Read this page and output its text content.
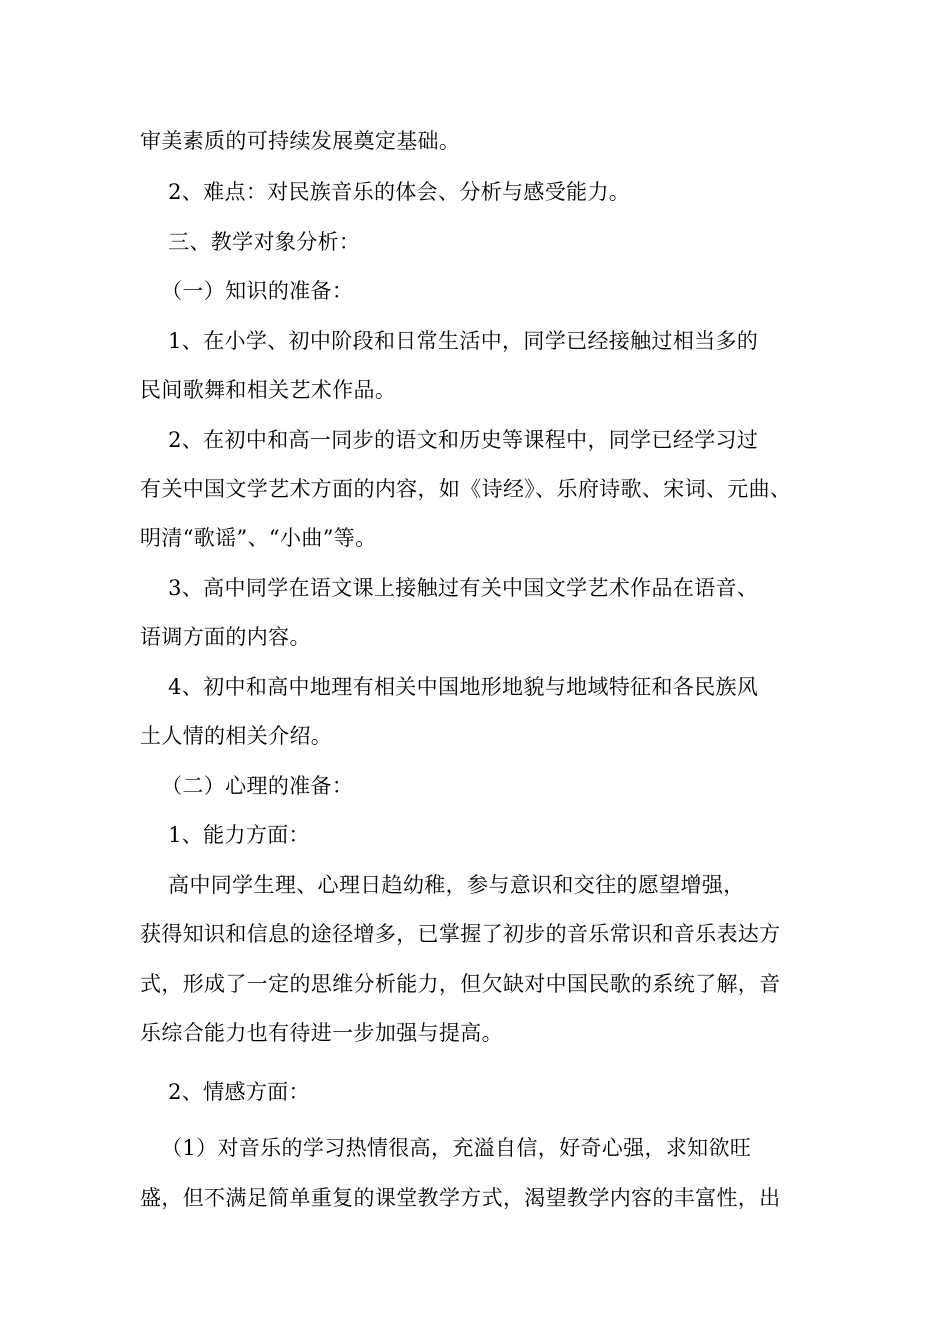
审美素质的可持续发展奠定基础。
2、难点：对民族音乐的体会、分析与感受能力。
三、教学对象分析：
（一）知识的准备：
1、在小学、初中阶段和日常生活中，同学已经接触过相当多的
民间歌舞和相关艺术作品。
2、在初中和高一同步的语文和历史等课程中，同学已经学习过
有关中国文学艺术方面的内容，如《诗经》、乐府诗歌、宋词、元曲、
明清“歌谣”、“小曲”等。
3、高中同学在语文课上接触过有关中国文学艺术作品在语音、
语调方面的内容。
4、初中和高中地理有相关中国地形地貌与地域特征和各民族风
土人情的相关介绍。
（二）心理的准备：
1、能力方面：
高中同学生理、心理日趋幼稚，参与意识和交往的愿望增强，
获得知识和信息的途径增多，已掌握了初步的音乐常识和音乐表达方
式，形成了一定的思维分析能力，但欠缺对中国民歌的系统了解，音
乐综合能力也有待进一步加强与提高。
2、情感方面：
（1）对音乐的学习热情很高，充溢自信，好奇心强，求知欲旺
盛，但不满足简单重复的课堂教学方式，渴望教学内容的丰富性，出
